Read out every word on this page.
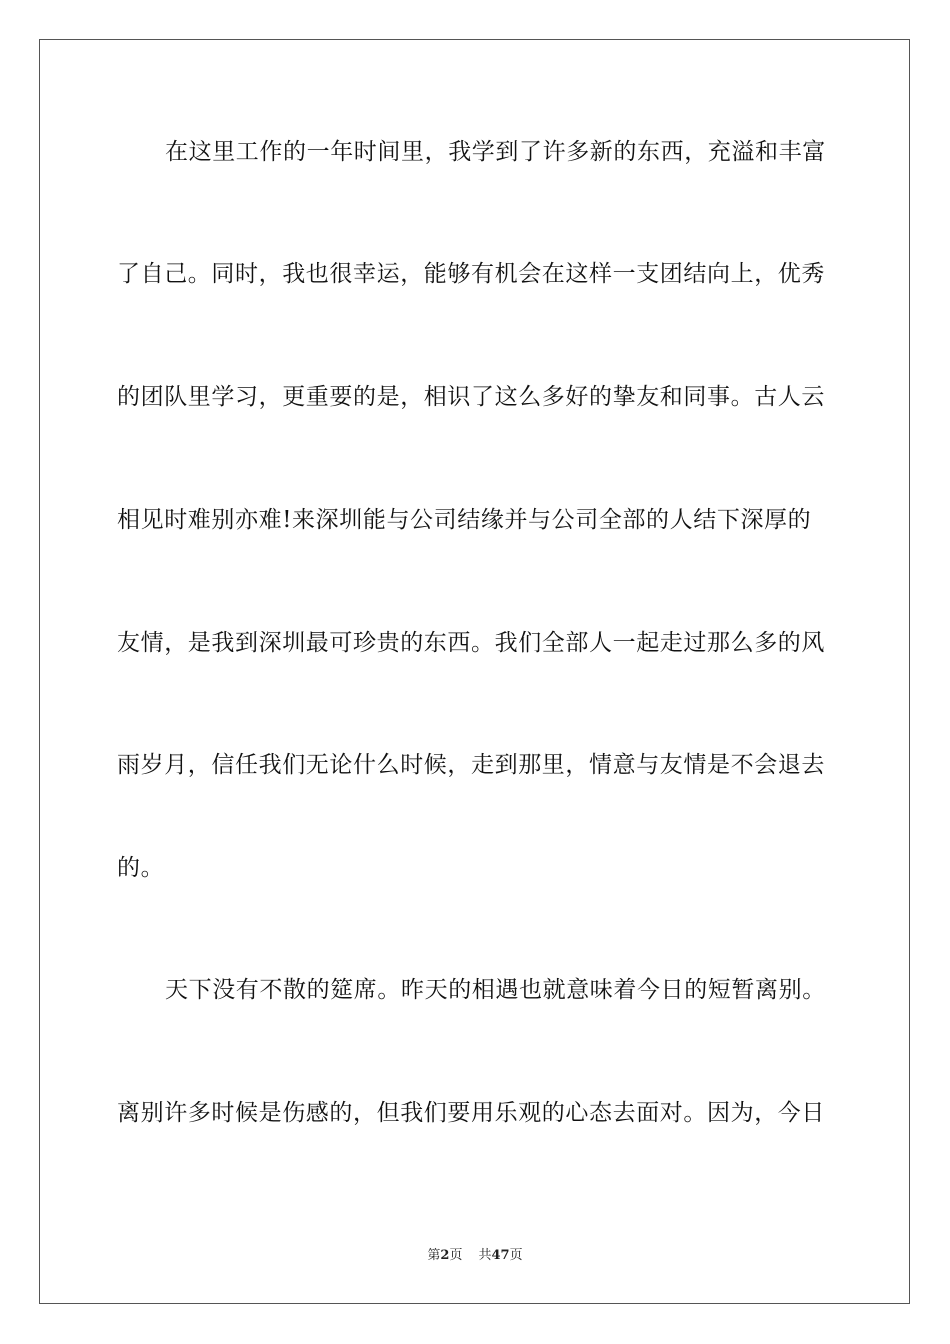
在这里工作的一年时间里，我学到了许多新的东西，充溢和丰富
了自己。同时，我也很幸运，能够有机会在这样一支团结向上，优秀
的团队里学习，更重要的是，相识了这么多好的挚友和同事。古人云
相见时难别亦难!来深圳能与公司结缘并与公司全部的人结下深厚的
友情，是我到深圳最可珍贵的东西。我们全部人一起走过那么多的风
雨岁月，信任我们无论什么时候，走到那里，情意与友情是不会退去
的。
天下没有不散的筵席。昨天的相遇也就意味着今日的短暂离别。
离别许多时候是伤感的，但我们要用乐观的心态去面对。因为，今日
第2页 共47页
